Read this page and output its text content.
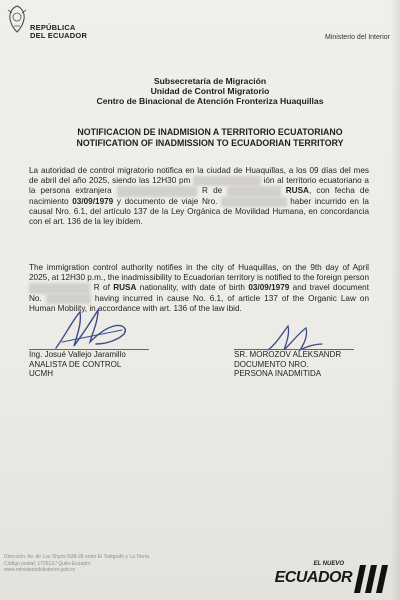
REPÚBLICA
DEL ECUADOR	Ministerio del Interior
Subsecretaría de Migración
Unidad de Control Migratorio
Centro de Binacional de Atención Fronteriza Huaquillas
NOTIFICACION DE INADMISION A TERRITORIO ECUATORIANO
NOTIFICATION OF INADMISSION TO ECUADORIAN TERRITORY
La autoridad de control migratorio notifica en la ciudad de Huaquillas, a los 09 días del mes de abril del año 2025, siendo las 12H30 pm	ión al territorio ecuatoriano a la persona extranjera	R de	RUSA, con fecha de nacimiento 03/09/1979 y documento de viaje Nro.	haber incurrido en la causal Nro. 6.1, del artículo 137 de la Ley Orgánica de Movilidad Humana, en concordancia con el art. 136 de la ley ibídem.
The immigration control authority notifies in the city of Huaquillas, on the 9th day of April 2025, at 12H30 p.m., the inadmissibility to Ecuadorian territory is notified to the foreign person  R of RUSA nationality, with date of birth 03/09/1979 and travel document No.	having incurred in cause No. 6.1, of article 137 of the Organic Law on Human Mobility, in accordance with art. 136 of the law ibid.
Ing. Josué Vallejo Jaramillo
ANALISTA DE CONTROL
UCMH
SR. MOROZOV ALEKSANDR
DOCUMENTO NRO.
PERSONA INADMITIDA
Dirección: Av. de Los Shyris N38-28 entre El Telégrafo y La Tierra
Código postal: 170513 / Quito-Ecuador
www.ministeriodelinterior.gob.ec
EL NUEVO
ECUADOR
